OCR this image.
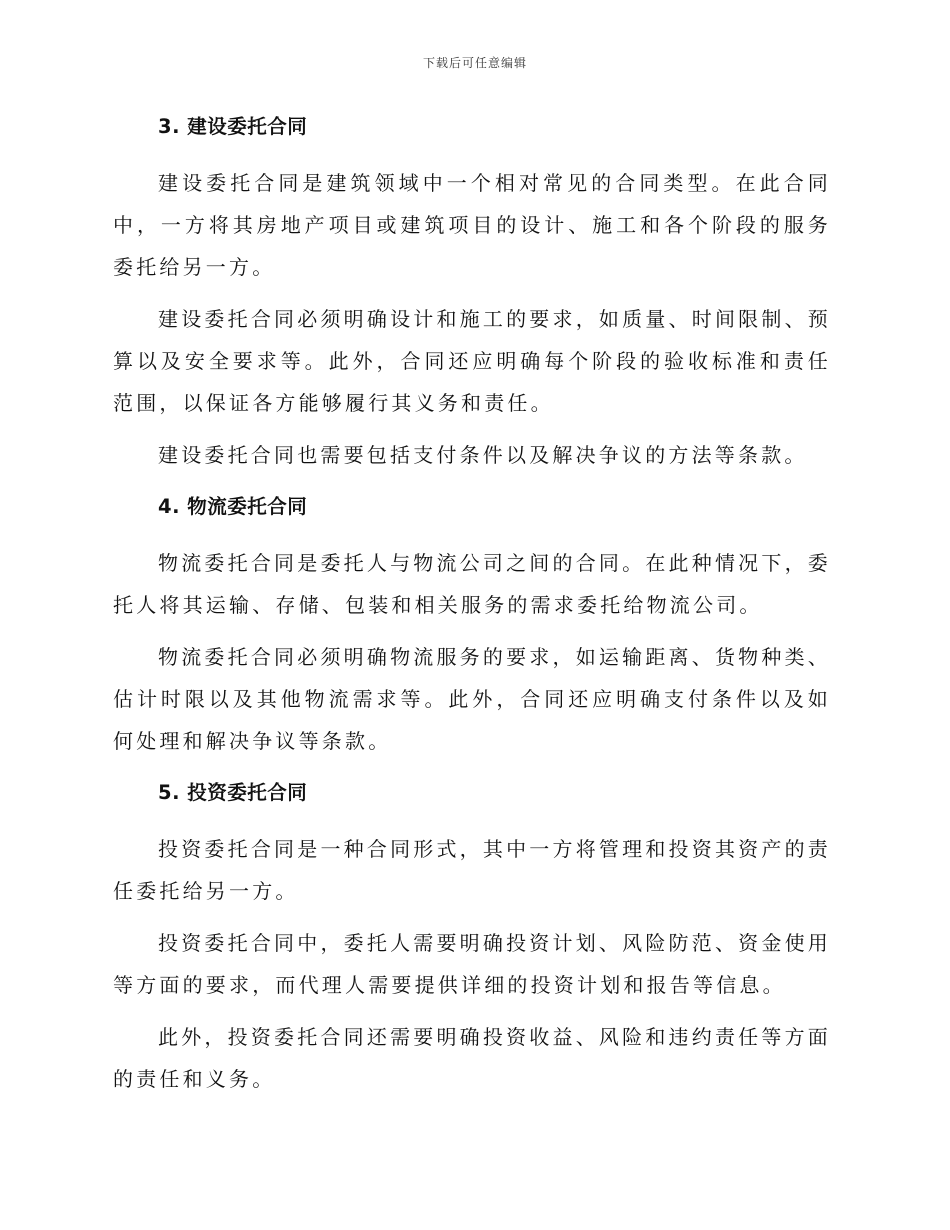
下载后可任意编辑
3. 建设委托合同

建设委托合同是建筑领域中一个相对常见的合同类型。在此合同中，一方将其房地产项目或建筑项目的设计、施工和各个阶段的服务委托给另一方。

建设委托合同必须明确设计和施工的要求，如质量、时间限制、预算以及安全要求等。此外，合同还应明确每个阶段的验收标准和责任范围，以保证各方能够履行其义务和责任。

建设委托合同也需要包括支付条件以及解决争议的方法等条款。

4. 物流委托合同

物流委托合同是委托人与物流公司之间的合同。在此种情况下，委托人将其运输、存储、包装和相关服务的需求委托给物流公司。

物流委托合同必须明确物流服务的要求，如运输距离、货物种类、估计时限以及其他物流需求等。此外，合同还应明确支付条件以及如何处理和解决争议等条款。

5. 投资委托合同

投资委托合同是一种合同形式，其中一方将管理和投资其资产的责任委托给另一方。

投资委托合同中，委托人需要明确投资计划、风险防范、资金使用等方面的要求，而代理人需要提供详细的投资计划和报告等信息。

此外，投资委托合同还需要明确投资收益、风险和违约责任等方面的责任和义务。
